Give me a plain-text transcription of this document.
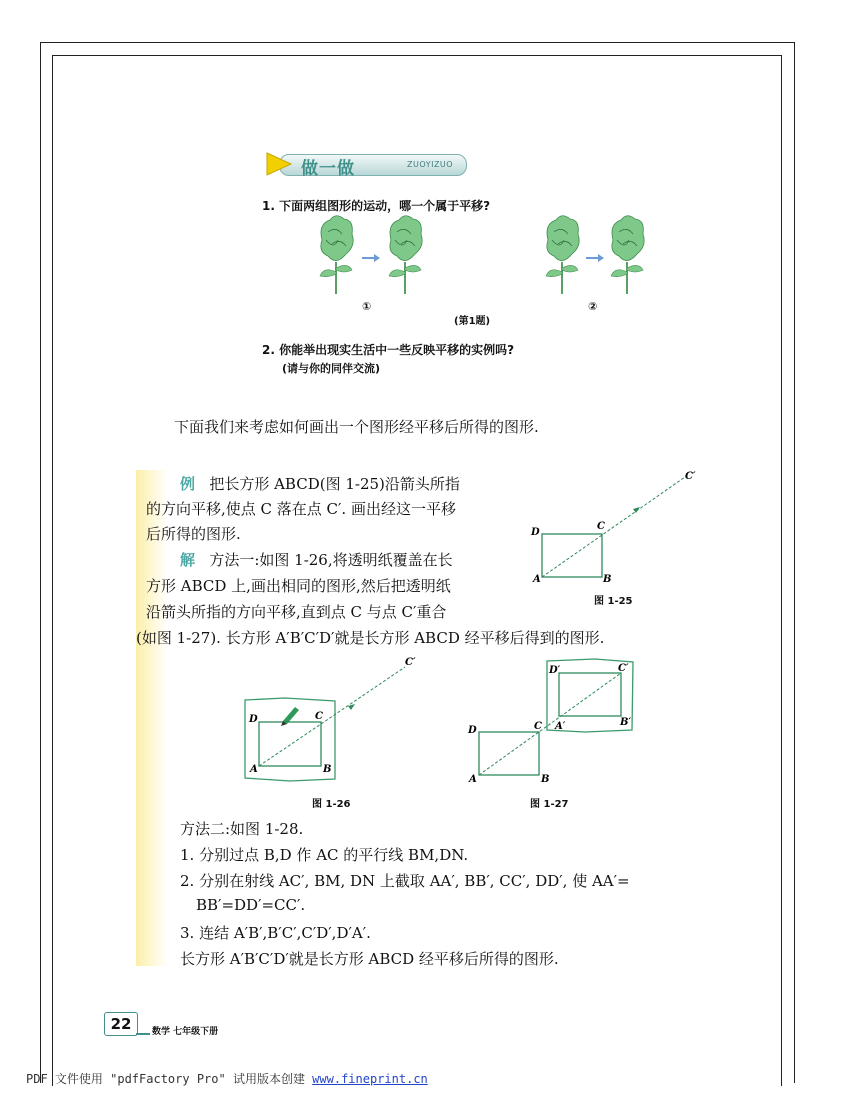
做一做	ZUOYIZUO
1. 下面两组图形的运动，哪一个属于平移?
①	②
(第1题)
2. 你能举出现实生活中一些反映平移的实例吗?
(请与你的同伴交流)
下面我们来考虑如何画出一个图形经平移后所得的图形.
例 把长方形 ABCD(图 1-25)沿箭头所指
的方向平移,使点 C 落在点 C′. 画出经这一平移
后所得的图形.
解 方法一:如图 1-26,将透明纸覆盖在长
方形 ABCD 上,画出相同的图形,然后把透明纸
沿箭头所指的方向平移,直到点 C 与点 C′重合
(如图 1-27). 长方形 A′B′C′D′就是长方形 ABCD 经平移后得到的图形.
D
C
A	B
C′
图 1-25
D	C
A	B
C′
图 1-26
D	C
A	B
D′	C′
A′	B′
图 1-27
方法二:如图 1-28.
1. 分别过点 B,D 作 AC 的平行线 BM,DN.
2. 分别在射线 AC′, BM, DN 上截取 AA′, BB′, CC′, DD′, 使 AA′=
BB′=DD′=CC′.
3. 连结 A′B′,B′C′,C′D′,D′A′.
长方形 A′B′C′D′就是长方形 ABCD 经平移后所得的图形.
22	数学 七年级下册
PDF 文件使用 "pdfFactory Pro" 试用版本创建 www.fineprint.cn
